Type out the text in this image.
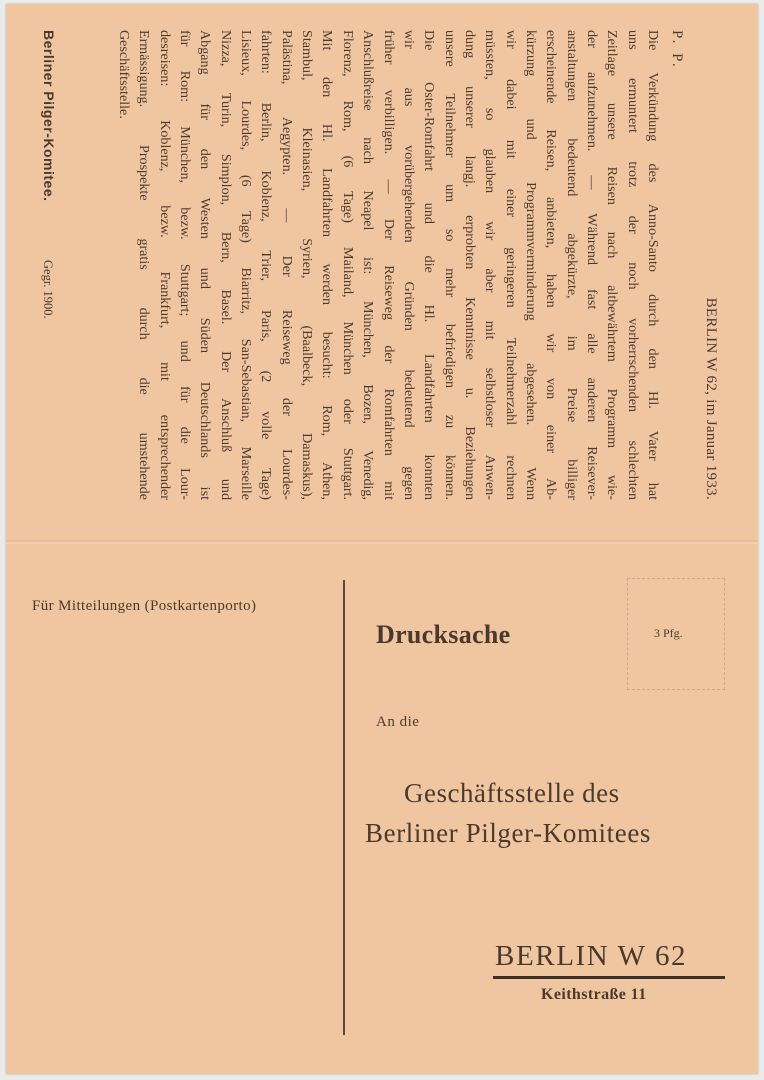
BERLIN W 62, im Januar 1933.
P. P.
Die Verkündung des Anno-Santo durch den Hl. Vater hat
uns ermuntert trotz der noch vorherrschenden schlechten
Zeitlage unsere Reisen nach altbewährtem Programm wie-
der aufzunehmen. — Während fast alle anderen Reisever-
anstaltungen bedeutend abgekürzte, im Preise billiger
erscheinende Reisen, anbieten, haben wir von einer Ab-
kürzung und Programmverminderung abgesehen. Wenn
wir dabei mit einer geringeren Teilnehmerzahl rechnen
müssten, so glauben wir aber mit selbstloser Anwen-
dung unserer langj. erprobten Kenntnisse u. Beziehungen
unsere Teilnehmer um so mehr befriedigen zu können.
Die Oster-Romfahrt und die Hl. Landfahrten konnten
wir aus vorübergehenden Gründen bedeutend gegen
früher verbilligen. — Der Reiseweg der Romfahrten mit
Anschlußreise nach Neapel ist: München, Bozen, Venedig,
Florenz, Rom, (6 Tage) Mailand, München oder Stuttgart.
Mit den Hl. Landfahrten werden besucht: Rom, Athen,
Stambul, Kleinasien, Syrien, (Baalbeck, Damaskus),
Palästina, Aegypten. — Der Reiseweg der Lourdes-
fahrten: Berlin, Koblenz, Trier, Paris, (2 volle Tage)
Lisieux, Lourdes, (6 Tage) Biarritz, San-Sebastian, Marseille
Nizza, Turin, Simplon, Bern, Basel. Der Anschluß und
Abgang für den Westen und Süden Deutschlands ist
für Rom: München, bezw. Stuttgart; und für die Lour-
desreisen: Koblenz, bezw. Frankfurt, mit entsprechender
Ermässigung. Prospekte gratis durch die umstehende
Geschäftsstelle.
Berliner Pilger-Komitee.
Gegr. 1900.
Für Mitteilungen (Postkartenporto)
3 Pfg.
Drucksache
An die
Geschäftsstelle des
Berliner Pilger-Komitees
BERLIN W 62
Keithstraße 11
